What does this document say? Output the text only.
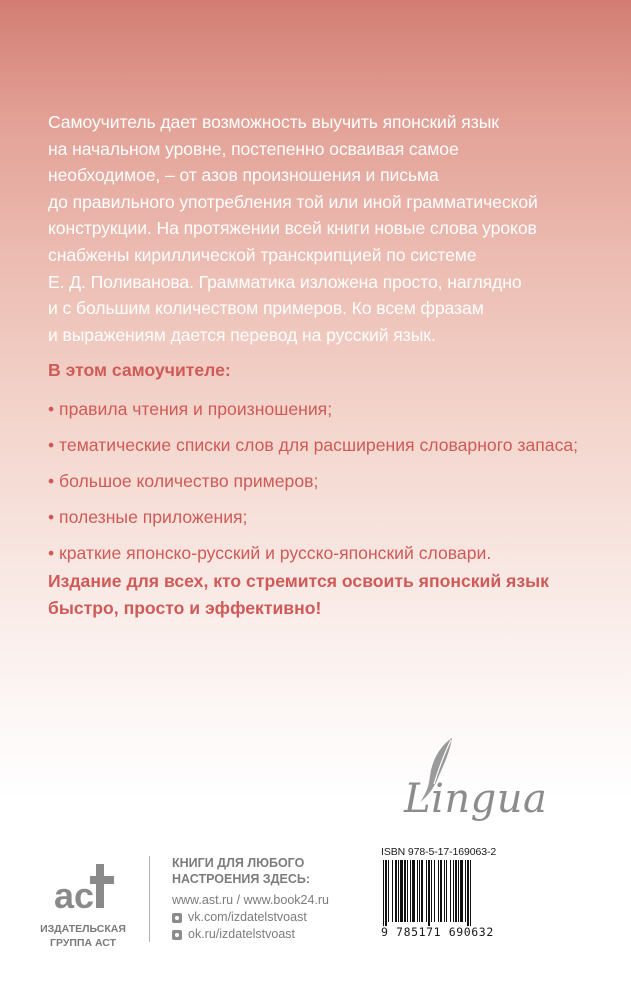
Самоучитель дает возможность выучить японский язык
на начальном уровне, постепенно осваивая самое
необходимое, – от азов произношения и письма
до правильного употребления той или иной грамматической
конструкции. На протяжении всей книги новые слова уроков
снабжены кириллической транскрипцией по системе
Е. Д. Поливанова. Грамматика изложена просто, наглядно
и с большим количеством примеров. Ко всем фразам
и выражениям дается перевод на русский язык.
В этом самоучителе:
• правила чтения и произношения;
• тематические списки слов для расширения словарного запаса;
• большое количество примеров;
• полезные приложения;
• краткие японско-русский и русско-японский словари.
Издание для всех, кто стремится освоить японский язык
быстро, просто и эффективно!
Lingua
ас
ИЗДАТЕЛЬСКАЯ
ГРУППА АСТ
КНИГИ ДЛЯ ЛЮБОГО
НАСТРОЕНИЯ ЗДЕСЬ:
www.ast.ru / www.book24.ru
vk.com/izdatelstvoast
ok.ru/izdatelstvoast
ISBN 978-5-17-169063-2
9 785171 690632
